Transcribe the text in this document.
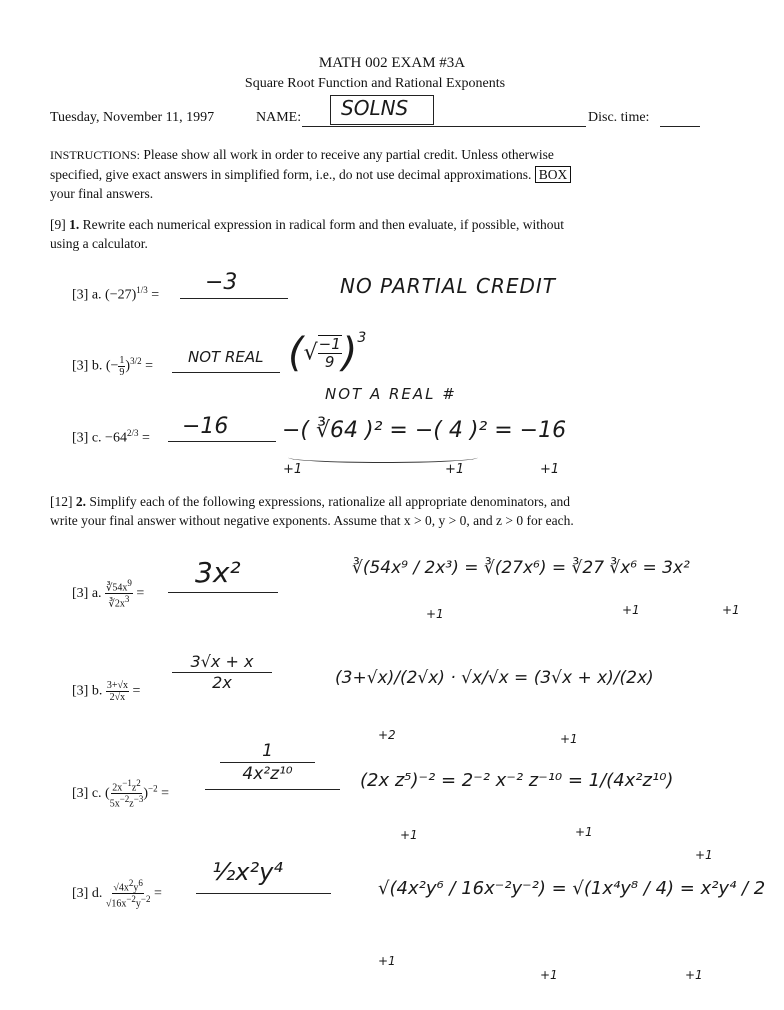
MATH 002 EXAM #3A
Square Root Function and Rational Exponents
Tuesday, November 11, 1997	NAME:	SOLNS	Disc. time:

INSTRUCTIONS: Please show all work in order to receive any partial credit. Unless otherwise

specified, give exact answers in simplified form, i.e., do not use decimal approximations. BOX

your final answers.

[9] 1. Rewrite each numerical expression in radical form and then evaluate, if possible, without

using a calculator.

[3] a. $(-27)^{1/3}$ =
−3	NO PARTIAL CREDIT
[3] b. (− $\frac{1}{9} )^{3/2}$ =
NOT REAL (√ $\frac{-1}{9} )^3$
NOT A REAL #
[3] c. $-64^{2/3} = -16$ −( ∛64 )² = −( 4 )² = −16
+1	+1	+1

[12] 2. Simplify each of the following expressions, rationalize all appropriate denominators, and

write your final answer without negative exponents. Assume that x > 0, y > 0, and z > 0 for each.

[3] a. $\frac{∛54x^9}{∛2x^3}$ =
3x²	∛(54x⁹ / 2x³) = ∛(27x⁶) = ∛27 ∛x⁶ = 3x²
+1	+1	+1
[3] b. $\frac{3+√x}{2√x}$ =
3√x + x
2x	(3+√x)/(2√x) · √x/√x = (3√x + x)/(2x)
+2	+1
[3] c. ( $\frac{2x^{-1}z^2}{5x^{-2}z^{-3}} )^{-2}$ =
1
4x²z¹⁰	(2x z⁵)⁻² = 2⁻² x⁻² z⁻¹⁰ = 1/(4x²z¹⁰)
+1	+1
+1
[3] d. $\frac{√4x^2y^6}{√16x^{-2}y^{-2}}$ =
½x²y⁴
√(4x²y⁶ / 16x⁻²y⁻²) = √(1x⁴y⁸ / 4) = x²y⁴ / 2
+1
+1	+1
